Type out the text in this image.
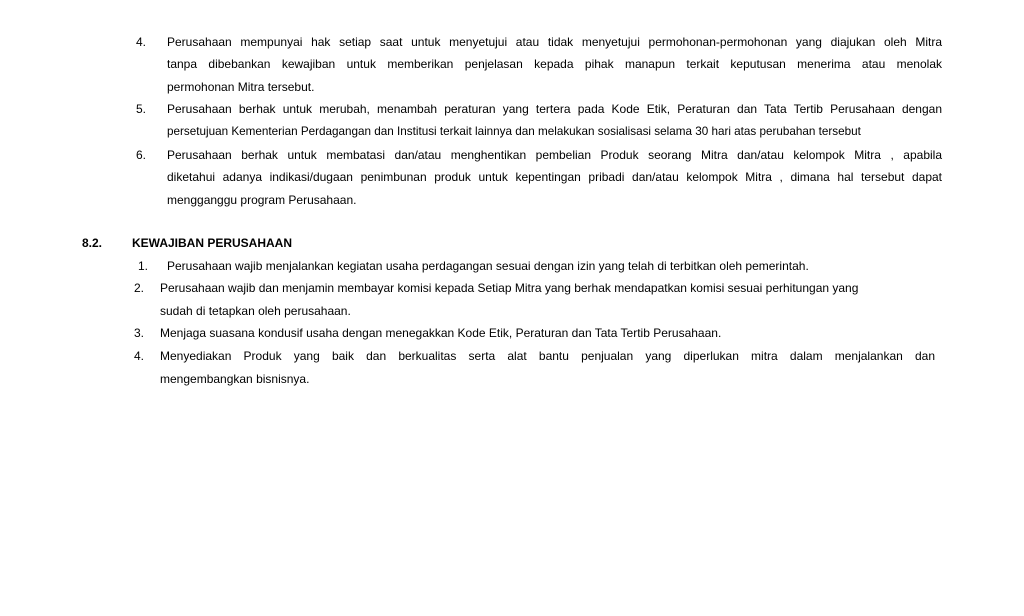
4. Perusahaan mempunyai hak setiap saat untuk menyetujui atau tidak menyetujui permohonan-permohonan yang diajukan oleh Mitra
tanpa dibebankan kewajiban untuk memberikan penjelasan kepada pihak manapun terkait keputusan menerima atau menolak
permohonan Mitra tersebut.
5. Perusahaan berhak untuk merubah, menambah peraturan yang tertera pada Kode Etik, Peraturan dan Tata Tertib Perusahaan dengan
persetujuan Kementerian Perdagangan dan Institusi terkait lainnya dan melakukan sosialisasi selama 30 hari atas perubahan tersebut
6. Perusahaan berhak untuk membatasi dan/atau menghentikan pembelian Produk seorang Mitra dan/atau kelompok Mitra , apabila
diketahui adanya indikasi/dugaan penimbunan produk untuk kepentingan pribadi dan/atau kelompok Mitra , dimana hal tersebut dapat
mengganggu program Perusahaan.
8.2. KEWAJIBAN PERUSAHAAN
1. Perusahaan wajib menjalankan kegiatan usaha perdagangan sesuai dengan izin yang telah di terbitkan oleh pemerintah.
2. Perusahaan wajib dan menjamin membayar komisi kepada Setiap Mitra yang berhak mendapatkan komisi sesuai perhitungan yang
sudah di tetapkan oleh perusahaan.
3. Menjaga suasana kondusif usaha dengan menegakkan Kode Etik, Peraturan dan Tata Tertib Perusahaan.
4. Menyediakan Produk yang baik dan berkualitas serta alat bantu penjualan yang diperlukan mitra dalam menjalankan dan
mengembangkan bisnisnya.
